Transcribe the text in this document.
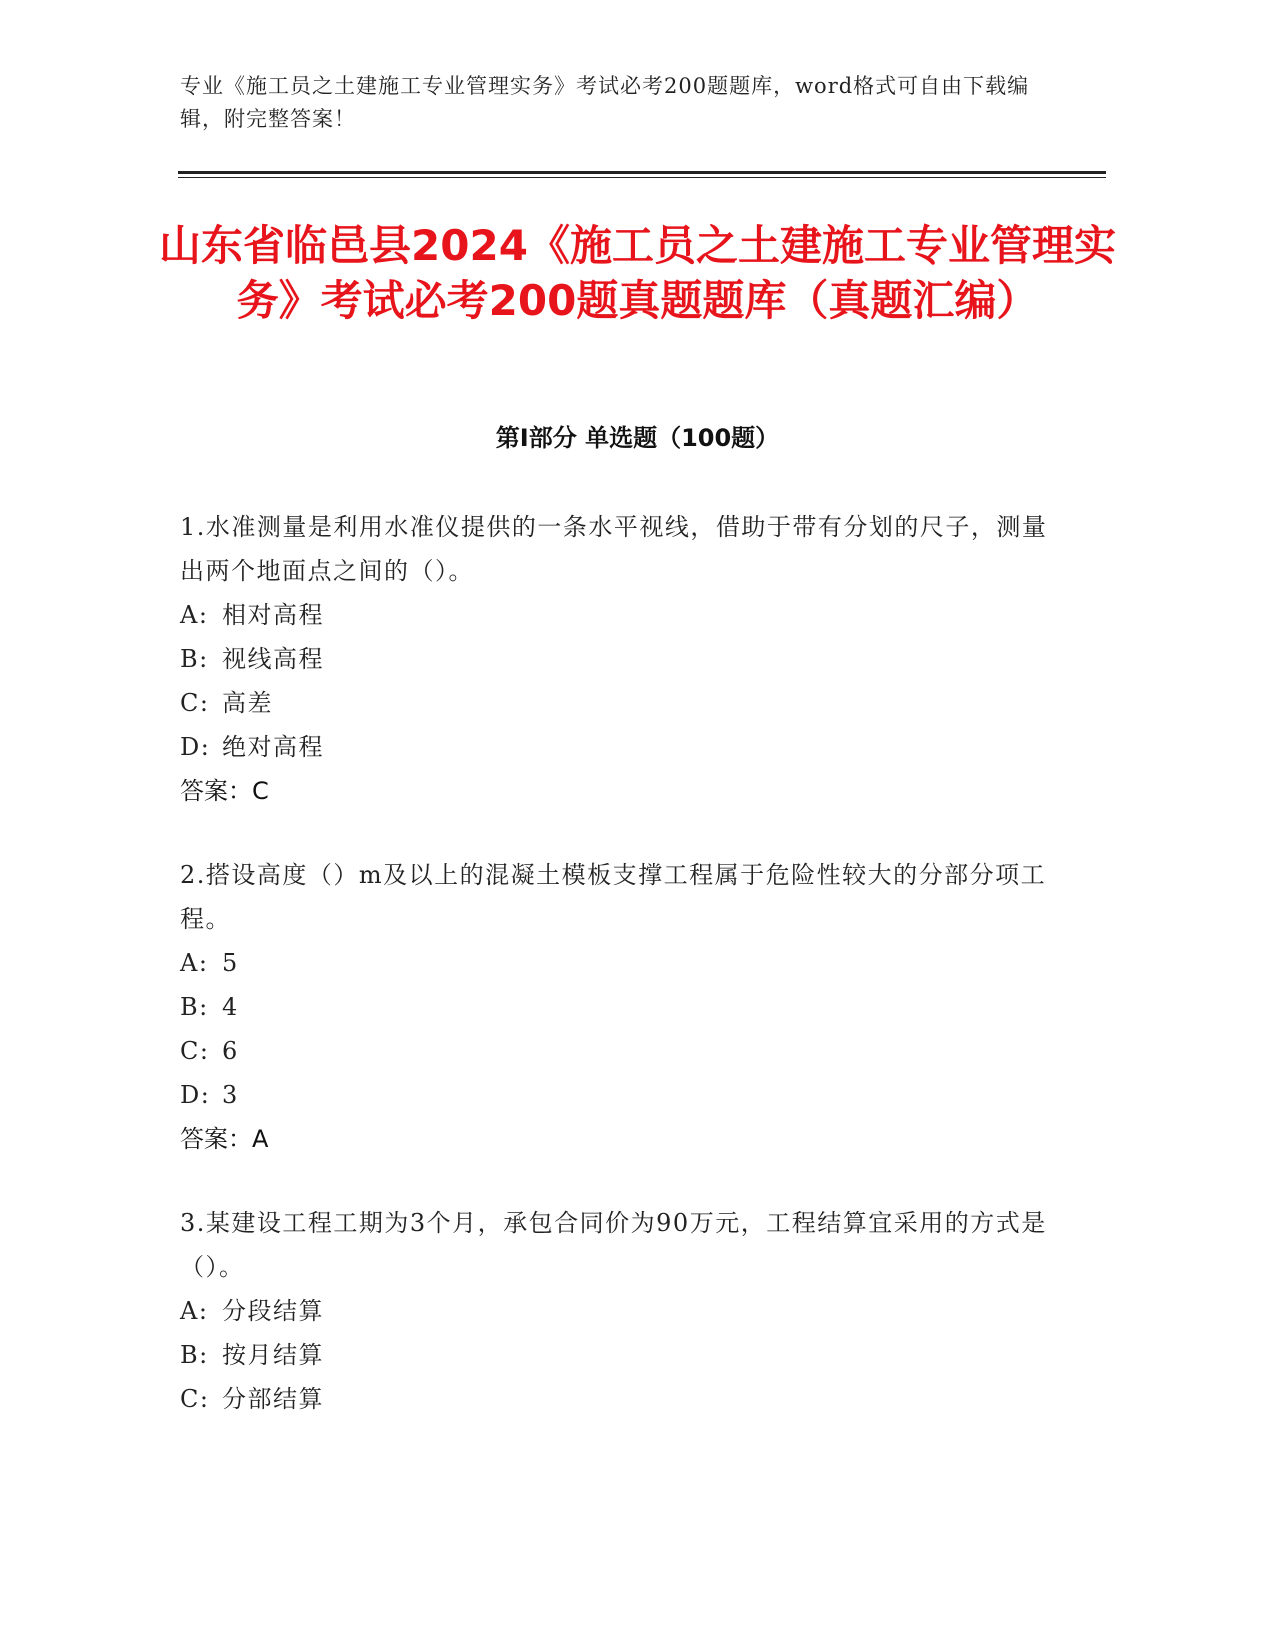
专业《施工员之土建施工专业管理实务》考试必考200题题库，word格式可自由下载编辑，附完整答案！
山东省临邑县2024《施工员之土建施工专业管理实务》考试必考200题真题题库（真题汇编）
第I部分 单选题（100题）
1.水准测量是利用水准仪提供的一条水平视线，借助于带有分划的尺子，测量出两个地面点之间的（）。
A: 相对高程
B: 视线高程
C: 高差
D: 绝对高程
答案：C
2.搭设高度（）m及以上的混凝土模板支撑工程属于危险性较大的分部分项工程。
A: 5
B: 4
C: 6
D: 3
答案：A
3.某建设工程工期为3个月，承包合同价为90万元，工程结算宜采用的方式是（）。
A: 分段结算
B: 按月结算
C: 分部结算
